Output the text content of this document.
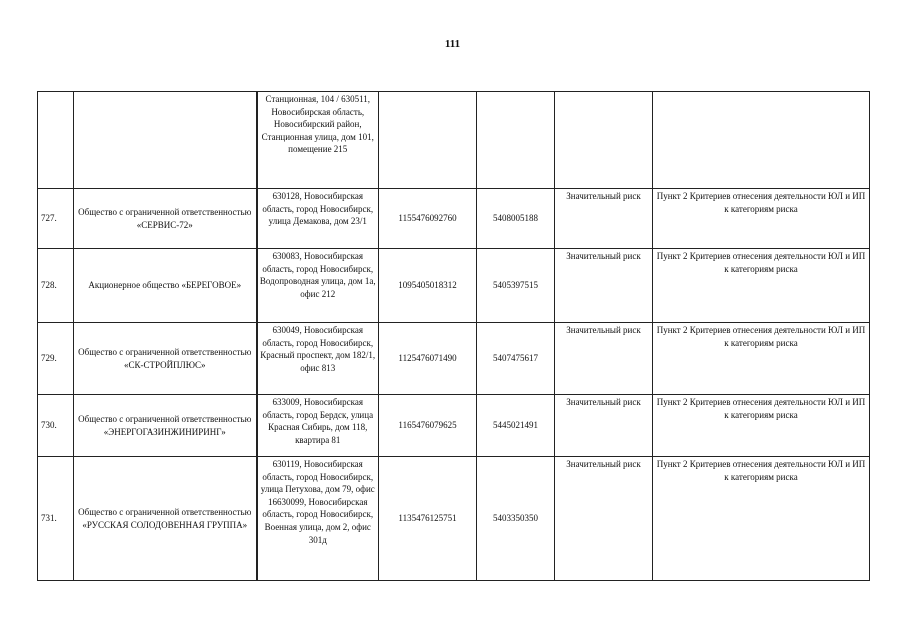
111
		Станционная, 104 / 630511, Новосибирская область, Новосибирский район, Станционная улица, дом 101, помещение 215				
727.	Общество с ограниченной ответственностью «СЕРВИС-72»	630128, Новосибирская область, город Новосибирск, улица Демакова, дом 23/1	1155476092760	5408005188	Значительный риск	Пункт 2 Критериев отнесения деятельности ЮЛ и ИП к категориям риска
728.	Акционерное общество «БЕРЕГОВОЕ»	630083, Новосибирская область, город Новосибирск, Водопроводная улица, дом 1а, офис 212	1095405018312	5405397515	Значительный риск	Пункт 2 Критериев отнесения деятельности ЮЛ и ИП к категориям риска
729.	Общество с ограниченной ответственностью «СК-СТРОЙПЛЮС»	630049, Новосибирская область, город Новосибирск, Красный проспект, дом 182/1, офис 813	1125476071490	5407475617	Значительный риск	Пункт 2 Критериев отнесения деятельности ЮЛ и ИП к категориям риска
730.	Общество с ограниченной ответственностью «ЭНЕРГОГАЗИНЖИНИРИНГ»	633009, Новосибирская область, город Бердск, улица Красная Сибирь, дом 118, квартира 81	1165476079625	5445021491	Значительный риск	Пункт 2 Критериев отнесения деятельности ЮЛ и ИП к категориям риска
731.	Общество с ограниченной ответственностью «РУССКАЯ СОЛОДОВЕННАЯ ГРУППА»	630119, Новосибирская область, город Новосибирск, улица Петухова, дом 79, офис 16630099, Новосибирская область, город Новосибирск, Военная улица, дом 2, офис 301д	1135476125751	5403350350	Значительный риск	Пункт 2 Критериев отнесения деятельности ЮЛ и ИП к категориям риска
